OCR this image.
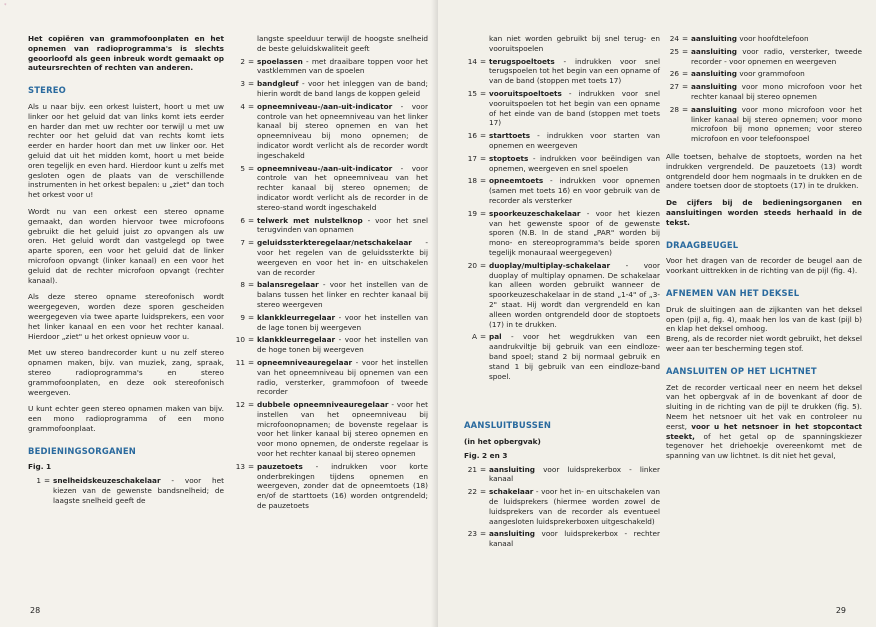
*

Het copiëren van grammofoonplaten en het opnemen van radioprogramma's is slechts geoorloofd als geen inbreuk wordt gemaakt op auteursrechten of rechten van anderen.

STEREO

Als u naar bijv. een orkest luistert, hoort u met uw linker oor het geluid dat van links komt iets eerder en harder dan met uw rechter oor terwijl u met uw rechter oor het geluid dat van rechts komt iets eerder en harder hoort dan met uw linker oor. Het geluid dat uit het midden komt, hoort u met beide oren tegelijk en even hard. Hierdoor kunt u zelfs met gesloten ogen de plaats van de verschillende instrumenten in het orkest bepalen: u „ziet" dan toch het orkest voor u!

Wordt nu van een orkest een stereo opname gemaakt, dan worden hiervoor twee microfoons gebruikt die het geluid juist zo opvangen als uw oren. Het geluid wordt dan vastgelegd op twee aparte sporen, een voor het geluid dat de linker microfoon opvangt (linker kanaal) en een voor het geluid dat de rechter microfoon opvangt (rechter kanaal).

Als deze stereo opname stereofonisch wordt weergegeven, worden deze sporen gescheiden weergegeven via twee aparte luidsprekers, een voor het linker kanaal en een voor het rechter kanaal. Hierdoor „ziet" u het orkest opnieuw voor u.

Met uw stereo bandrecorder kunt u nu zelf stereo opnamen maken, bijv. van muziek, zang, spraak, stereo radioprogramma's en stereo grammofoonplaten, en deze ook stereofonisch weergeven.

U kunt echter geen stereo opnamen maken van bijv. een mono radioprogramma of een mono grammofoonplaat.

BEDIENINGSORGANEN
Fig. 1
1 = snelheidskeuzeschakelaar - voor het kiezen van de gewenste bandsnelheid; de laagste snelheid geeft de
langste speelduur terwijl de hoogste snelheid de beste geluidskwaliteit geeft
2 = spoelassen - met draaibare toppen voor het vastklemmen van de spoelen
3 = bandgleuf - voor het inleggen van de band; hierin wordt de band langs de koppen geleid
4 = opneemniveau-/aan-uit-indicator - voor controle van het opneemniveau van het linker kanaal bij stereo opnemen en van het opneemniveau bij mono opnemen; de indicator wordt verlicht als de recorder wordt ingeschakeld
5 = opneemniveau-/aan-uit-indicator - voor controle van het opneemniveau van het rechter kanaal bij stereo opnemen; de indicator wordt verlicht als de recorder in de stereo-stand wordt ingeschakeld
6 = telwerk met nulstelknop - voor het snel terugvinden van opnamen
7 = geluidssterkteregelaar/netschakelaar - voor het regelen van de geluidssterkte bij weergeven en voor het in- en uitschakelen van de recorder
8 = balansregelaar - voor het instellen van de balans tussen het linker en rechter kanaal bij stereo weergeven
9 = klankkleurregelaar - voor het instellen van de lage tonen bij weergeven
10 = klankkleurregelaar - voor het instellen van de hoge tonen bij weergeven
11 = opneemniveauregelaar - voor het instellen van het opneemniveau bij opnemen van een radio, versterker, grammofoon of tweede recorder
12 = dubbele opneemniveauregelaar - voor het instellen van het opneemniveau bij microfoonopnamen; de bovenste regelaar is voor het linker kanaal bij stereo opnemen en voor mono opnemen, de onderste regelaar is voor het rechter kanaal bij stereo opnemen
13 = pauzetoets - indrukken voor korte onderbrekingen tijdens opnemen en weergeven, zonder dat de opneemtoets (18) en/of de starttoets (16) worden ontgrendeld; de pauzetoets
28
kan niet worden gebruikt bij snel terug- en vooruitspoelen
14 = terugspoeltoets - indrukken voor snel terugspoelen tot het begin van een opname of van de band (stoppen met toets 17)
15 = vooruitspoeltoets - indrukken voor snel vooruitspoelen tot het begin van een opname of het einde van de band (stoppen met toets 17)
16 = starttoets - indrukken voor starten van opnemen en weergeven
17 = stoptoets - indrukken voor beëindigen van opnemen, weergeven en snel spoelen
18 = opneemtoets - indrukken voor opnemen (samen met toets 16) en voor gebruik van de recorder als versterker
19 = spoorkeuzeschakelaar - voor het kiezen van het gewenste spoor of de gewenste sporen (N.B. In de stand „PAR" worden bij mono- en stereoprogramma's beide sporen tegelijk monauraal weergegeven)
20 = duoplay/multiplay-schakelaar - voor duoplay of multiplay opnamen. De schakelaar kan alleen worden gebruikt wanneer de spoorkeuzeschakelaar in de stand „1-4" of „3-2" staat. Hij wordt dan vergrendeld en kan alleen worden ontgrendeld door de stoptoets (17) in te drukken.
A = pal - voor het wegdrukken van een aandrukviltje bij gebruik van een eindloze-band spoel; stand 2 bij normaal gebruik en stand 1 bij gebruik van een eindloze-band spoel.
AANSLUITBUSSEN
(in het opbergvak)
Fig. 2 en 3
21 = aansluiting voor luidsprekerbox - linker kanaal
22 = schakelaar - voor het in- en uitschakelen van de luidsprekers (hiermee worden zowel de luidsprekers van de recorder als eventueel aangesloten luidsprekerboxen uitgeschakeld)
23 = aansluiting voor luidsprekerbox - rechter kanaal
24 = aansluiting voor hoofdtelefoon
25 = aansluiting voor radio, versterker, tweede recorder - voor opnemen en weergeven
26 = aansluiting voor grammofoon
27 = aansluiting voor mono microfoon voor het rechter kanaal bij stereo opnemen
28 = aansluiting voor mono microfoon voor het linker kanaal bij stereo opnemen; voor mono microfoon bij mono opnemen; voor stereo microfoon en voor telefoonspoel

Alle toetsen, behalve de stoptoets, worden na het indrukken vergrendeld. De pauzetoets (13) wordt ontgrendeld door hem nogmaals in te drukken en de andere toetsen door de stoptoets (17) in te drukken.

De cijfers bij de bedieningsorganen en aansluitingen worden steeds herhaald in de tekst.

DRAAGBEUGEL

Voor het dragen van de recorder de beugel aan de voorkant uittrekken in de richting van de pijl (fig. 4).

AFNEMEN VAN HET DEKSEL

Druk de sluitingen aan de zijkanten van het deksel open (pijl a, fig. 4), maak hen los van de kast (pijl b) en klap het deksel omhoog.

Breng, als de recorder niet wordt gebruikt, het deksel weer aan ter bescherming tegen stof.

AANSLUITEN OP HET LICHTNET

Zet de recorder verticaal neer en neem het deksel van het opbergvak af in de bovenkant af door de sluiting in de richting van de pijl te drukken (fig. 5). Neem het netsnoer uit het vak en controleer nu eerst, voor u het netsnoer in het stopcontact steekt, of het getal op de spanningskiezer tegenover het driehoekje overeenkomt met de spanning van uw lichtnet. Is dit niet het geval,

29
